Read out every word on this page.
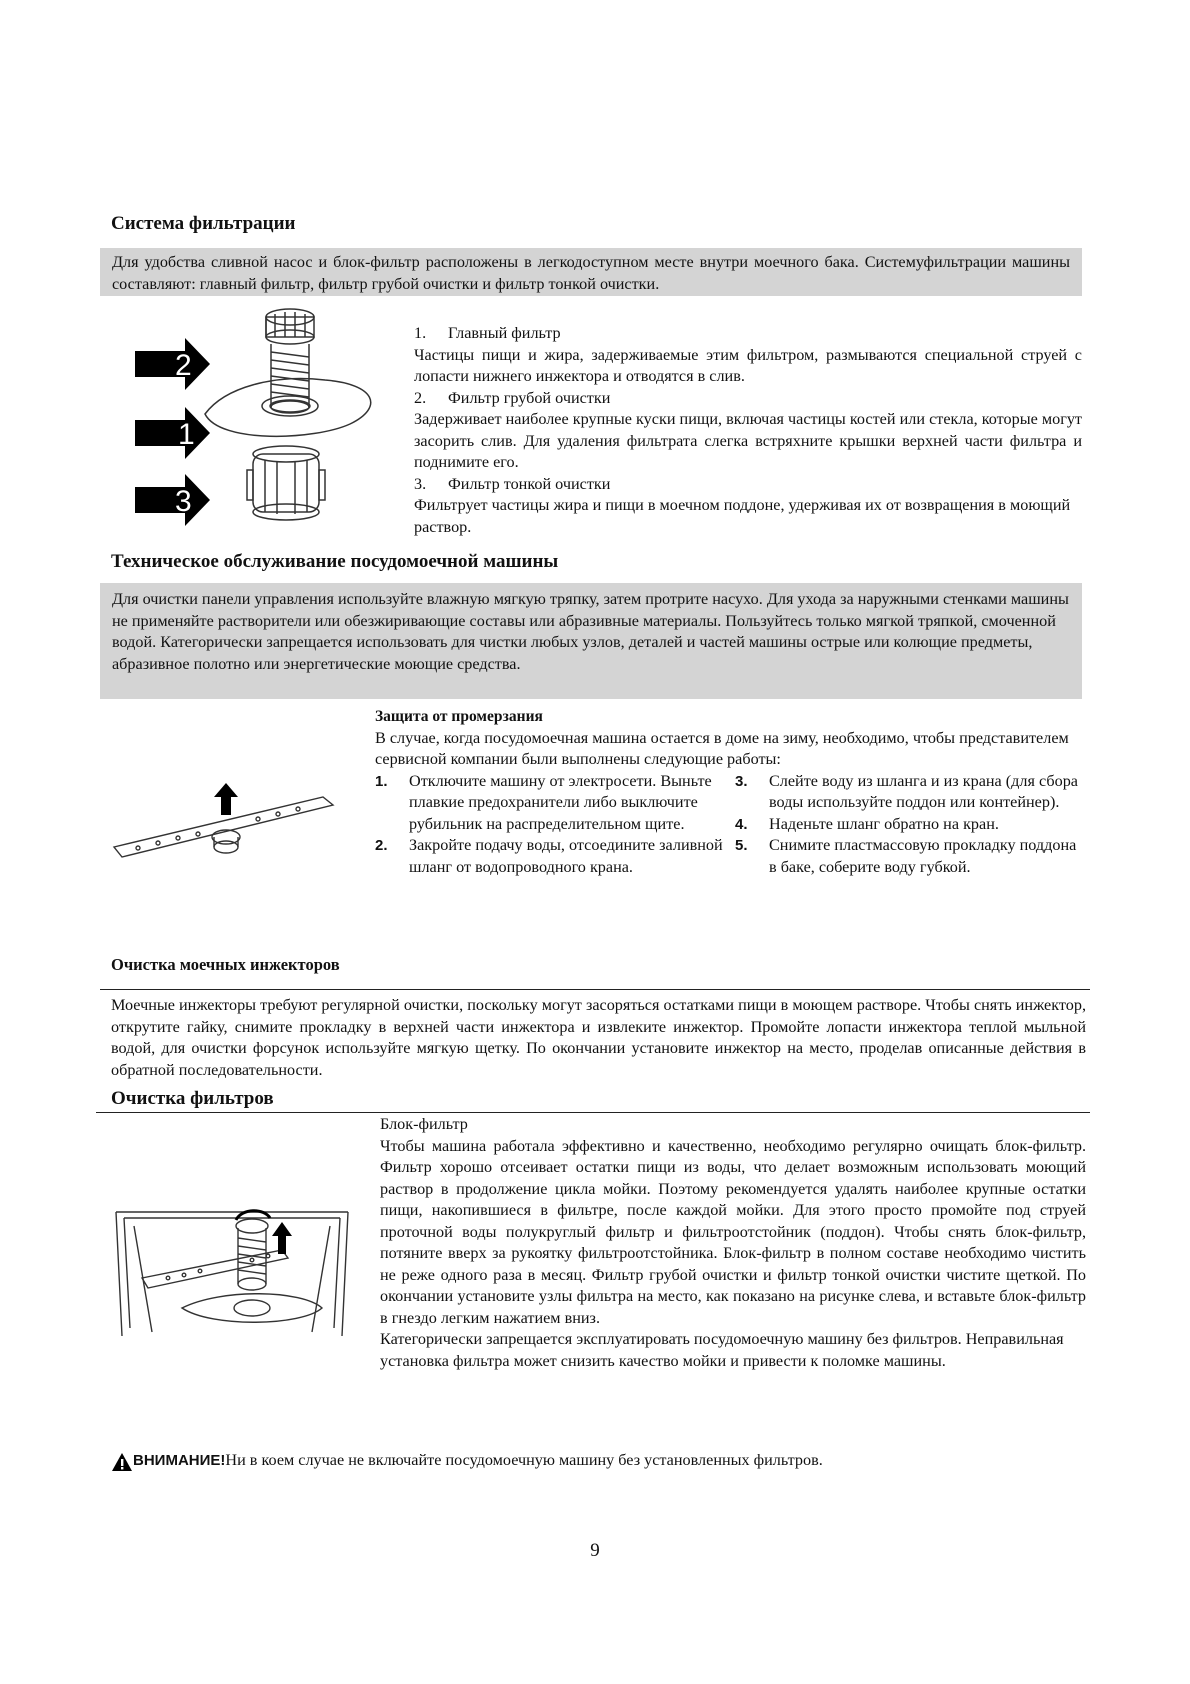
Система фильтрации

Для удобства сливной насос и блок-фильтр расположены в легкодоступном месте внутри моечного бака. Системуфильтрации машины составляют: главный фильтр, фильтр грубой очистки и фильтр тонкой очистки.

2
1
3
1.	Главный фильтр

Частицы пищи и жира, задерживаемые этим фильтром, размываются специальной струей с лопасти нижнего инжектора и отводятся в слив.

2.	Фильтр грубой очистки

Задерживает наиболее крупные куски пищи, включая частицы костей или стекла, которые могут засорить слив. Для удаления фильтрата слегка встряхните крышки верхней части фильтра и поднимите его.

3.	Фильтр тонкой очистки

Фильтрует частицы жира и пищи в моечном поддоне, удерживая их от возвращения в моющий раствор.

Техническое обслуживание посудомоечной машины

Для очистки панели управления используйте влажную мягкую тряпку, затем протрите насухо. Для ухода за наружными стенками машины не применяйте растворители или обезжиривающие составы или абразивные материалы. Пользуйтесь только мягкой тряпкой, смоченной водой. Категорически запрещается использовать для чистки любых узлов, деталей и частей машины острые или колющие предметы, абразивное полотно или энергетические моющие средства.

Защита от промерзания

В случае, когда посудомоечная машина остается в доме на зиму, необходимо, чтобы представителем сервисной компании были выполнены следующие работы:

1.	Отключите машину от электросети. Выньте плавкие предохранители либо выключите рубильник на распределительном щите.
2.	Закройте подачу воды, отсоедините заливной шланг от водопроводного крана.
3.	Слейте воду из шланга и из крана (для сбора воды используйте поддон или контейнер).
4.	Наденьте шланг обратно на кран.
5.	Снимите пластмассовую прокладку поддона в баке, соберите воду губкой.
Очистка моечных инжекторов

Моечные инжекторы требуют регулярной очистки, поскольку могут засоряться остатками пищи в моющем растворе. Чтобы снять инжектор, открутите гайку, снимите прокладку в верхней части инжектора и извлеките инжектор. Промойте лопасти инжектора теплой мыльной водой, для очистки форсунок используйте мягкую щетку. По окончании установите инжектор на место, проделав описанные действия в обратной последовательности.

Очистка фильтров
Блок-фильтр

Чтобы машина работала эффективно и качественно, необходимо регулярно очищать блок-фильтр. Фильтр хорошо отсеивает остатки пищи из воды, что делает возможным использовать моющий раствор в продолжение цикла мойки. Поэтому рекомендуется удалять наиболее крупные остатки пищи, накопившиеся в фильтре, после каждой мойки. Для этого просто промойте под струей проточной воды полукруглый фильтр и фильтроотстойник (поддон). Чтобы снять блок-фильтр, потяните вверх за рукоятку фильтроотстойника. Блок-фильтр в полном составе необходимо чистить не реже одного раза в месяц. Фильтр грубой очистки и фильтр тонкой очистки чистите щеткой. По окончании установите узлы фильтра на место, как показано на рисунке слева, и вставьте блок-фильтр в гнездо легким нажатием вниз.

Категорически запрещается эксплуатировать посудомоечную машину без фильтров. Неправильная установка фильтра может снизить качество мойки и привести к поломке машины.

ВНИМАНИЕ! Ни в коем случае не включайте посудомоечную машину без установленных фильтров.
9
